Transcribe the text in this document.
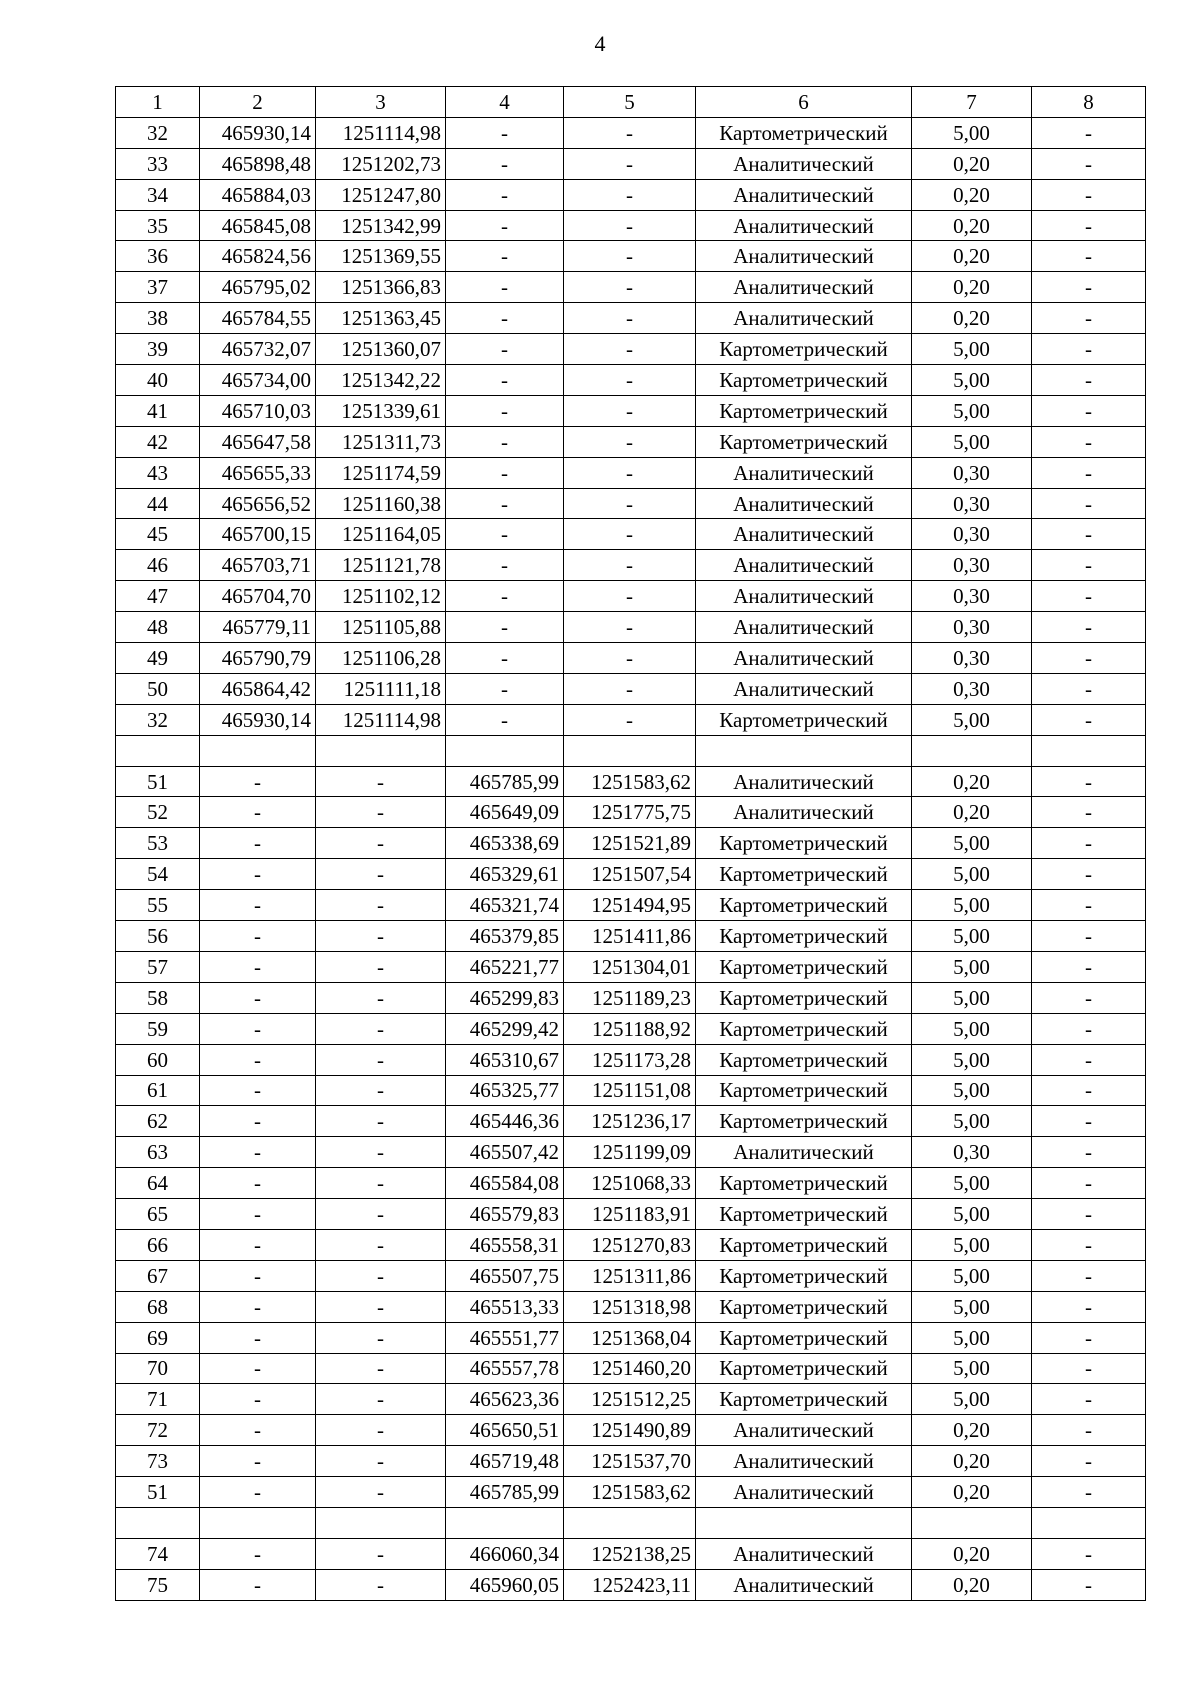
4
1	2	3	4	5	6	7	8
32	465930,14	1251114,98	-	-	Картометрический	5,00	-
33	465898,48	1251202,73	-	-	Аналитический	0,20	-
34	465884,03	1251247,80	-	-	Аналитический	0,20	-
35	465845,08	1251342,99	-	-	Аналитический	0,20	-
36	465824,56	1251369,55	-	-	Аналитический	0,20	-
37	465795,02	1251366,83	-	-	Аналитический	0,20	-
38	465784,55	1251363,45	-	-	Аналитический	0,20	-
39	465732,07	1251360,07	-	-	Картометрический	5,00	-
40	465734,00	1251342,22	-	-	Картометрический	5,00	-
41	465710,03	1251339,61	-	-	Картометрический	5,00	-
42	465647,58	1251311,73	-	-	Картометрический	5,00	-
43	465655,33	1251174,59	-	-	Аналитический	0,30	-
44	465656,52	1251160,38	-	-	Аналитический	0,30	-
45	465700,15	1251164,05	-	-	Аналитический	0,30	-
46	465703,71	1251121,78	-	-	Аналитический	0,30	-
47	465704,70	1251102,12	-	-	Аналитический	0,30	-
48	465779,11	1251105,88	-	-	Аналитический	0,30	-
49	465790,79	1251106,28	-	-	Аналитический	0,30	-
50	465864,42	1251111,18	-	-	Аналитический	0,30	-
32	465930,14	1251114,98	-	-	Картометрический	5,00	-

51	-	-	465785,99	1251583,62	Аналитический	0,20	-
52	-	-	465649,09	1251775,75	Аналитический	0,20	-
53	-	-	465338,69	1251521,89	Картометрический	5,00	-
54	-	-	465329,61	1251507,54	Картометрический	5,00	-
55	-	-	465321,74	1251494,95	Картометрический	5,00	-
56	-	-	465379,85	1251411,86	Картометрический	5,00	-
57	-	-	465221,77	1251304,01	Картометрический	5,00	-
58	-	-	465299,83	1251189,23	Картометрический	5,00	-
59	-	-	465299,42	1251188,92	Картометрический	5,00	-
60	-	-	465310,67	1251173,28	Картометрический	5,00	-
61	-	-	465325,77	1251151,08	Картометрический	5,00	-
62	-	-	465446,36	1251236,17	Картометрический	5,00	-
63	-	-	465507,42	1251199,09	Аналитический	0,30	-
64	-	-	465584,08	1251068,33	Картометрический	5,00	-
65	-	-	465579,83	1251183,91	Картометрический	5,00	-
66	-	-	465558,31	1251270,83	Картометрический	5,00	-
67	-	-	465507,75	1251311,86	Картометрический	5,00	-
68	-	-	465513,33	1251318,98	Картометрический	5,00	-
69	-	-	465551,77	1251368,04	Картометрический	5,00	-
70	-	-	465557,78	1251460,20	Картометрический	5,00	-
71	-	-	465623,36	1251512,25	Картометрический	5,00	-
72	-	-	465650,51	1251490,89	Аналитический	0,20	-
73	-	-	465719,48	1251537,70	Аналитический	0,20	-
51	-	-	465785,99	1251583,62	Аналитический	0,20	-

74	-	-	466060,34	1252138,25	Аналитический	0,20	-
75	-	-	465960,05	1252423,11	Аналитический	0,20	-
